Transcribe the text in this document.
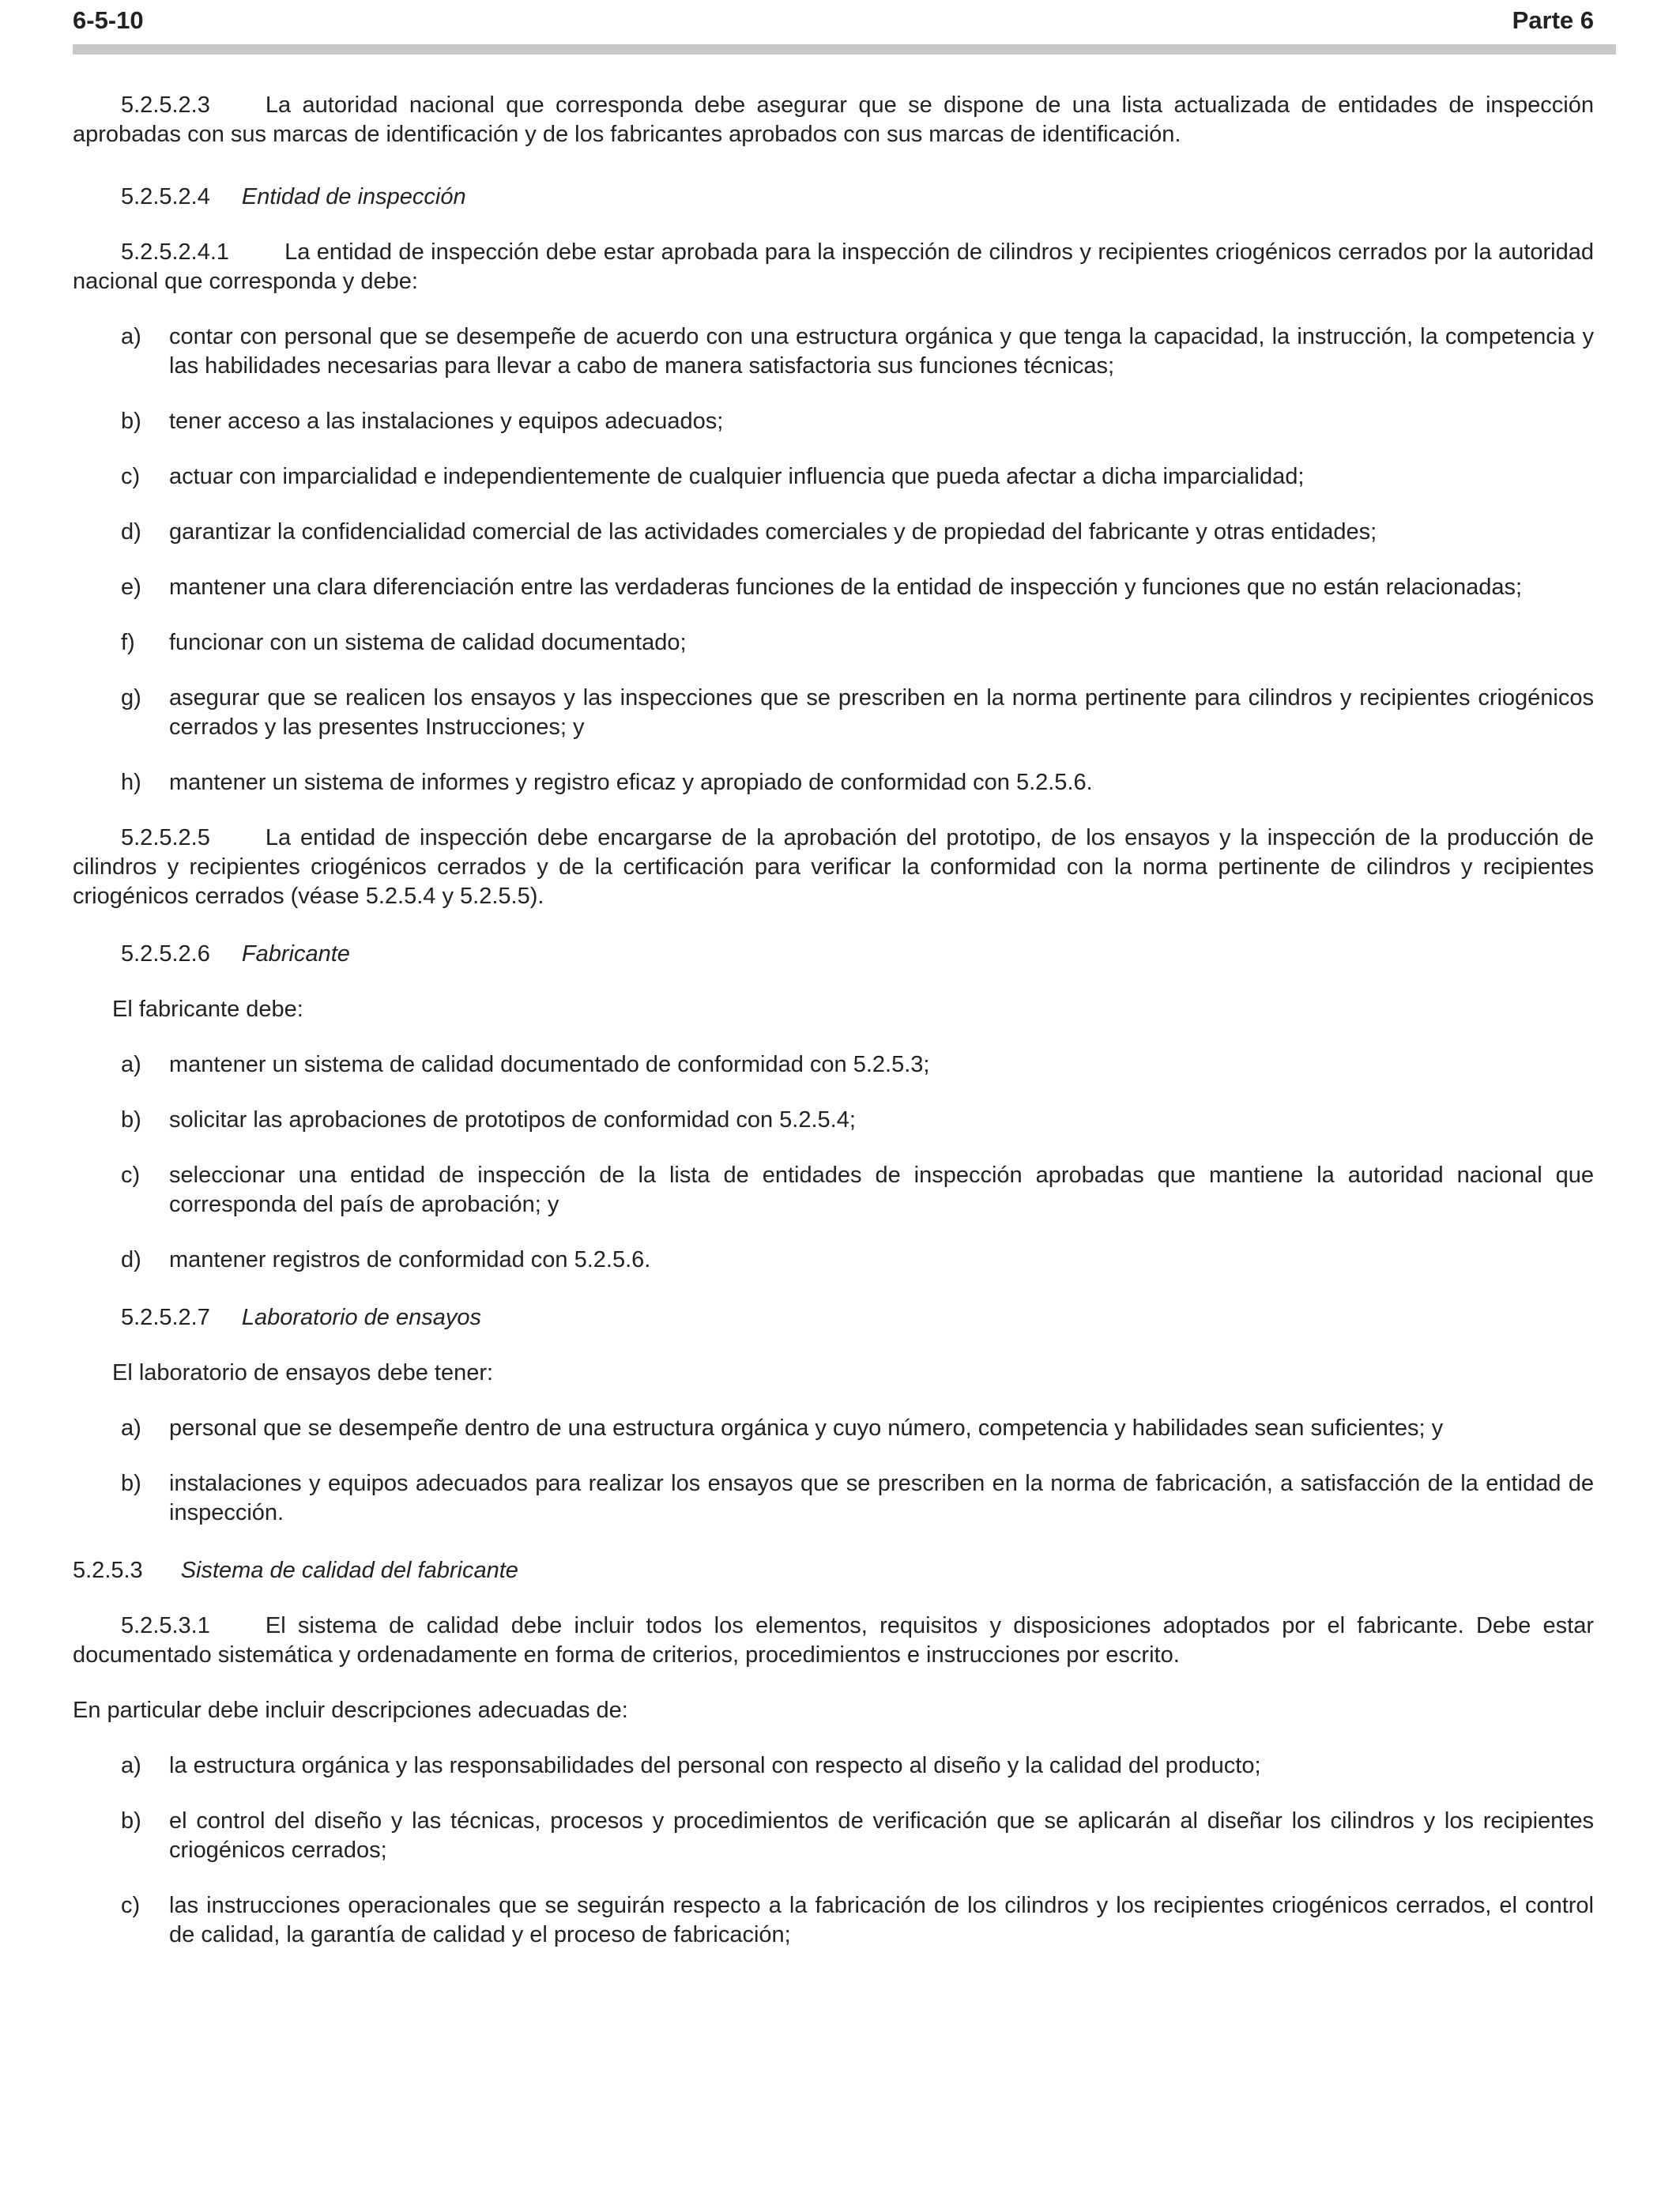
6-5-10	Parte 6

5.2.5.2.3 La autoridad nacional que corresponda debe asegurar que se dispone de una lista actualizada de entidades de inspección aprobadas con sus marcas de identificación y de los fabricantes aprobados con sus marcas de identificación.

5.2.5.2.4 Entidad de inspección

5.2.5.2.4.1 La entidad de inspección debe estar aprobada para la inspección de cilindros y recipientes criogénicos cerrados por la autoridad nacional que corresponda y debe:

a)	contar con personal que se desempeñe de acuerdo con una estructura orgánica y que tenga la capacidad, la instrucción, la competencia y las habilidades necesarias para llevar a cabo de manera satisfactoria sus funciones técnicas;
b)	tener acceso a las instalaciones y equipos adecuados;
c)	actuar con imparcialidad e independientemente de cualquier influencia que pueda afectar a dicha imparcialidad;
d)	garantizar la confidencialidad comercial de las actividades comerciales y de propiedad del fabricante y otras entidades;
e)	mantener una clara diferenciación entre las verdaderas funciones de la entidad de inspección y funciones que no están relacionadas;
f)	funcionar con un sistema de calidad documentado;
g)	asegurar que se realicen los ensayos y las inspecciones que se prescriben en la norma pertinente para cilindros y recipientes criogénicos cerrados y las presentes Instrucciones; y
h)	mantener un sistema de informes y registro eficaz y apropiado de conformidad con 5.2.5.6.

5.2.5.2.5 La entidad de inspección debe encargarse de la aprobación del prototipo, de los ensayos y la inspección de la producción de cilindros y recipientes criogénicos cerrados y de la certificación para verificar la conformidad con la norma pertinente de cilindros y recipientes criogénicos cerrados (véase 5.2.5.4 y 5.2.5.5).

5.2.5.2.6 Fabricante

El fabricante debe:

a)	mantener un sistema de calidad documentado de conformidad con 5.2.5.3;
b)	solicitar las aprobaciones de prototipos de conformidad con 5.2.5.4;
c)	seleccionar una entidad de inspección de la lista de entidades de inspección aprobadas que mantiene la autoridad nacional que corresponda del país de aprobación; y
d)	mantener registros de conformidad con 5.2.5.6.
5.2.5.2.7 Laboratorio de ensayos

El laboratorio de ensayos debe tener:

a)	personal que se desempeñe dentro de una estructura orgánica y cuyo número, competencia y habilidades sean suficientes; y
b)	instalaciones y equipos adecuados para realizar los ensayos que se prescriben en la norma de fabricación, a satisfacción de la entidad de inspección.
5.2.5.3 Sistema de calidad del fabricante

5.2.5.3.1 El sistema de calidad debe incluir todos los elementos, requisitos y disposiciones adoptados por el fabricante. Debe estar documentado sistemática y ordenadamente en forma de criterios, procedimientos e instrucciones por escrito.

En particular debe incluir descripciones adecuadas de:

a)	la estructura orgánica y las responsabilidades del personal con respecto al diseño y la calidad del producto;
b)	el control del diseño y las técnicas, procesos y procedimientos de verificación que se aplicarán al diseñar los cilindros y los recipientes criogénicos cerrados;
c)	las instrucciones operacionales que se seguirán respecto a la fabricación de los cilindros y los recipientes criogénicos cerrados, el control de calidad, la garantía de calidad y el proceso de fabricación;
